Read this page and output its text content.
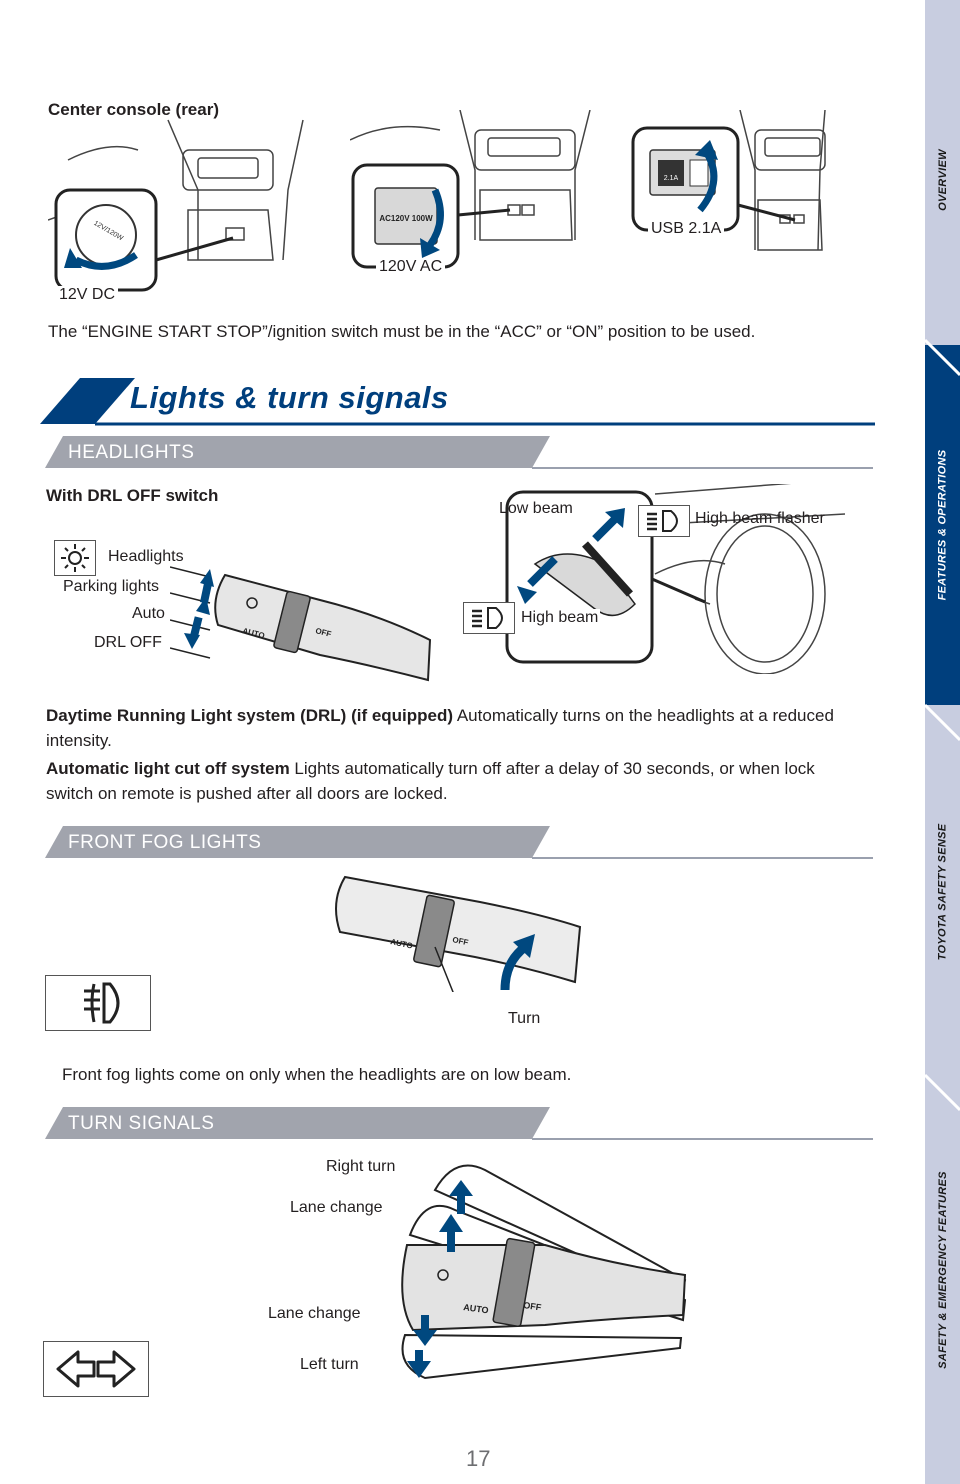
OVERVIEW
FEATURES & OPERATIONS
TOYOTA SAFETY SENSE
SAFETY & EMERGENCY FEATURES
Center console (rear)
12V/120W
12V DC
AC120V 100W
120V AC
2.1A
USB 2.1A
The “ENGINE START STOP”/ignition switch must be in the “ACC” or “ON” position to be used.
Lights & turn signals
HEADLIGHTS
With DRL OFF switch
Headlights
Parking lights
Auto
DRL OFF
AUTO	OFF
Low beam
High beam flasher
High beam
Daytime Running Light system (DRL) (if equipped) Automatically turns on the headlights at a reduced intensity.
Automatic light cut off system Lights automatically turn off after a delay of 30 seconds, or when lock switch on remote is pushed after all doors are locked.
FRONT FOG LIGHTS
AUTO	OFF
Turn
Front fog lights come on only when the headlights are on low beam.
TURN SIGNALS
Right turn
Lane change
Lane change
Left turn
AUTO	OFF
17
